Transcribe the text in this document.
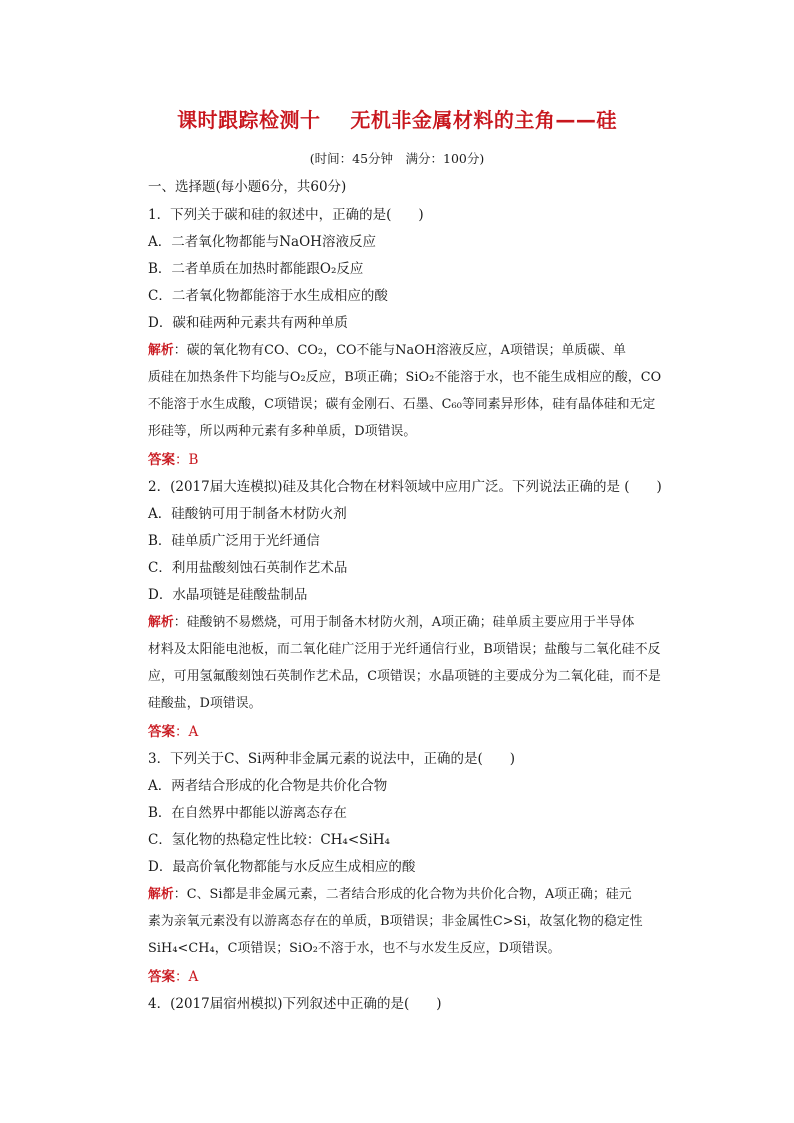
课时跟踪检测十    无机非金属材料的主角——硅
(时间：45分钟　满分：100分)
一、选择题(每小题6分，共60分)
1．下列关于碳和硅的叙述中，正确的是(　　)
A．二者氧化物都能与NaOH溶液反应
B．二者单质在加热时都能跟O₂反应
C．二者氧化物都能溶于水生成相应的酸
D．碳和硅两种元素共有两种单质
解析：碳的氧化物有CO、CO₂，CO不能与NaOH溶液反应，A项错误；单质碳、单
质硅在加热条件下均能与O₂反应，B项正确；SiO₂不能溶于水，也不能生成相应的酸，CO
不能溶于水生成酸，C项错误；碳有金刚石、石墨、C₆₀等同素异形体，硅有晶体硅和无定
形硅等，所以两种元素有多种单质，D项错误。
答案：B
2．(2017届大连模拟)硅及其化合物在材料领域中应用广泛。下列说法正确的是 (　　)
A．硅酸钠可用于制备木材防火剂
B．硅单质广泛用于光纤通信
C．利用盐酸刻蚀石英制作艺术品
D．水晶项链是硅酸盐制品
解析：硅酸钠不易燃烧，可用于制备木材防火剂，A项正确；硅单质主要应用于半导体
材料及太阳能电池板，而二氧化硅广泛用于光纤通信行业，B项错误；盐酸与二氧化硅不反
应，可用氢氟酸刻蚀石英制作艺术品，C项错误；水晶项链的主要成分为二氧化硅，而不是
硅酸盐，D项错误。
答案：A
3．下列关于C、Si两种非金属元素的说法中，正确的是(　　)
A．两者结合形成的化合物是共价化合物
B．在自然界中都能以游离态存在
C．氢化物的热稳定性比较：CH₄<SiH₄
D．最高价氧化物都能与水反应生成相应的酸
解析：C、Si都是非金属元素，二者结合形成的化合物为共价化合物，A项正确；硅元
素为亲氧元素没有以游离态存在的单质，B项错误；非金属性C>Si，故氢化物的稳定性
SiH₄<CH₄，C项错误；SiO₂不溶于水，也不与水发生反应，D项错误。
答案：A
4．(2017届宿州模拟)下列叙述中正确的是(　　)
